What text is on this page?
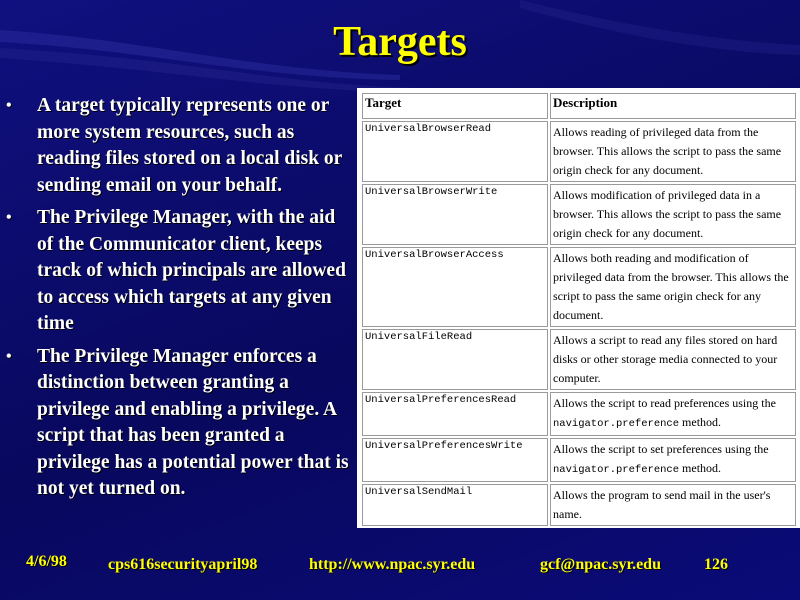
Targets
• A target typically represents one or more system resources, such as reading files stored on a local disk or sending email on your behalf.
• The Privilege Manager, with the aid of the Communicator client, keeps track of which principals are allowed to access which targets at any given time
• The Privilege Manager enforces a distinction between granting a privilege and enabling a privilege. A script that has been granted a privilege has a potential power that is not yet turned on.
Target	Description
UniversalBrowserRead	Allows reading of privileged data from the browser. This allows the script to pass the same origin check for any document.
UniversalBrowserWrite	Allows modification of privileged data in a browser. This allows the script to pass the same origin check for any document.
UniversalBrowserAccess	Allows both reading and modification of privileged data from the browser. This allows the script to pass the same origin check for any document.
UniversalFileRead	Allows a script to read any files stored on hard disks or other storage media connected to your computer.
UniversalPreferencesRead	Allows the script to read preferences using the navigator.preference method.
UniversalPreferencesWrite	Allows the script to set preferences using the navigator.preference method.
UniversalSendMail	Allows the program to send mail in the user's name.
4/6/98	cps616securityapril98	http://www.npac.syr.edu	gcf@npac.syr.edu	126
